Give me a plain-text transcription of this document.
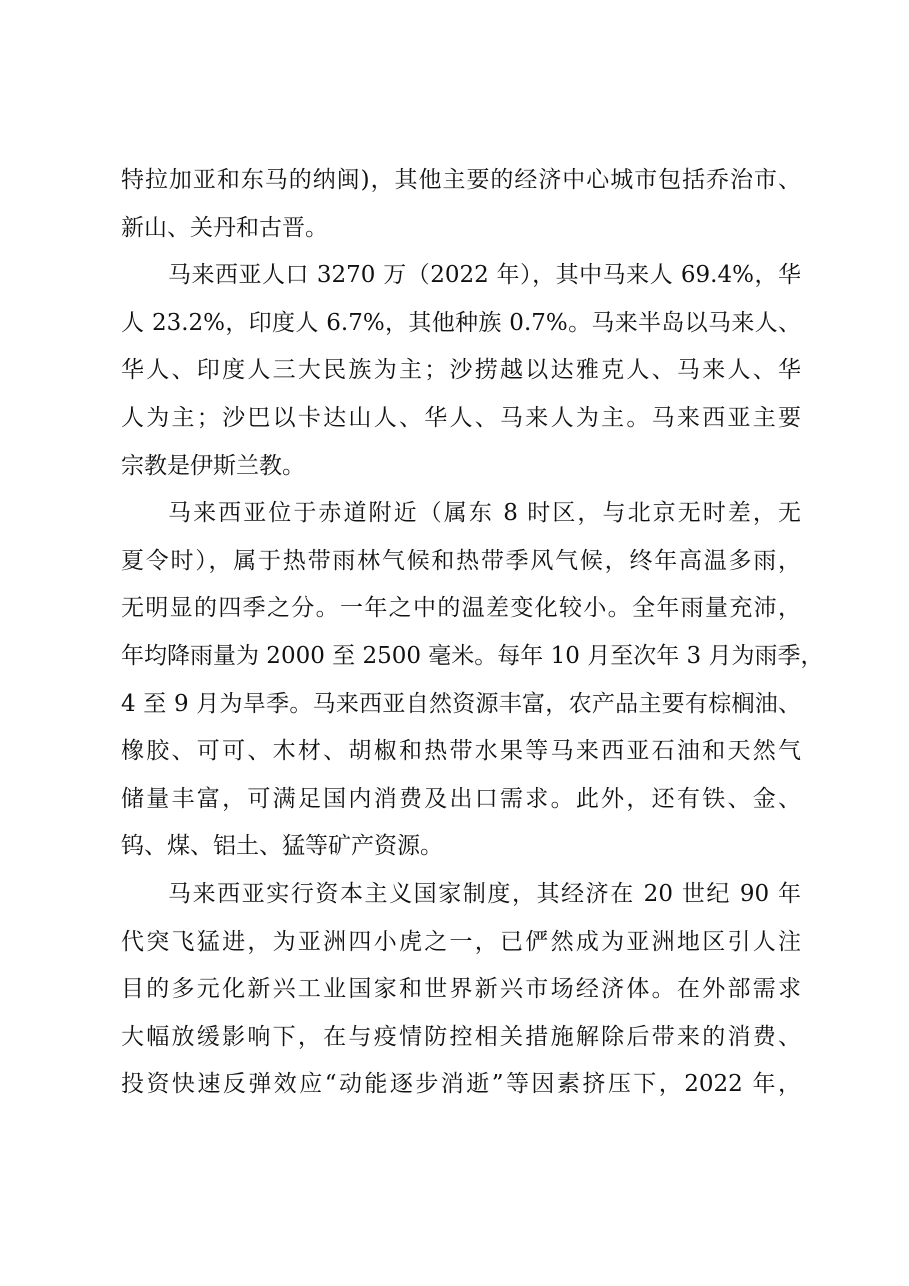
特拉加亚和东马的纳闽)，其他主要的经济中心城市包括乔治市、
新山、关丹和古晋。
马来西亚人口 3270 万（2022 年），其中马来人 69.4%，华
人 23.2%，印度人 6.7%，其他种族 0.7%。马来半岛以马来人、
华人、印度人三大民族为主；沙捞越以达雅克人、马来人、华
人为主；沙巴以卡达山人、华人、马来人为主。马来西亚主要
宗教是伊斯兰教。
马来西亚位于赤道附近（属东 8 时区，与北京无时差，无
夏令时），属于热带雨林气候和热带季风气候，终年高温多雨，
无明显的四季之分。一年之中的温差变化较小。全年雨量充沛，
年均降雨量为 2000 至 2500 毫米。每年 10 月至次年 3 月为雨季，
4 至 9 月为旱季。马来西亚自然资源丰富，农产品主要有棕榈油、
橡胶、可可、木材、胡椒和热带水果等马来西亚石油和天然气
储量丰富，可满足国内消费及出口需求。此外，还有铁、金、
钨、煤、铝土、猛等矿产资源。
马来西亚实行资本主义国家制度，其经济在 20 世纪 90 年
代突飞猛进，为亚洲四小虎之一，已俨然成为亚洲地区引人注
目的多元化新兴工业国家和世界新兴市场经济体。在外部需求
大幅放缓影响下，在与疫情防控相关措施解除后带来的消费、
投资快速反弹效应“动能逐步消逝”等因素挤压下，2022 年，
